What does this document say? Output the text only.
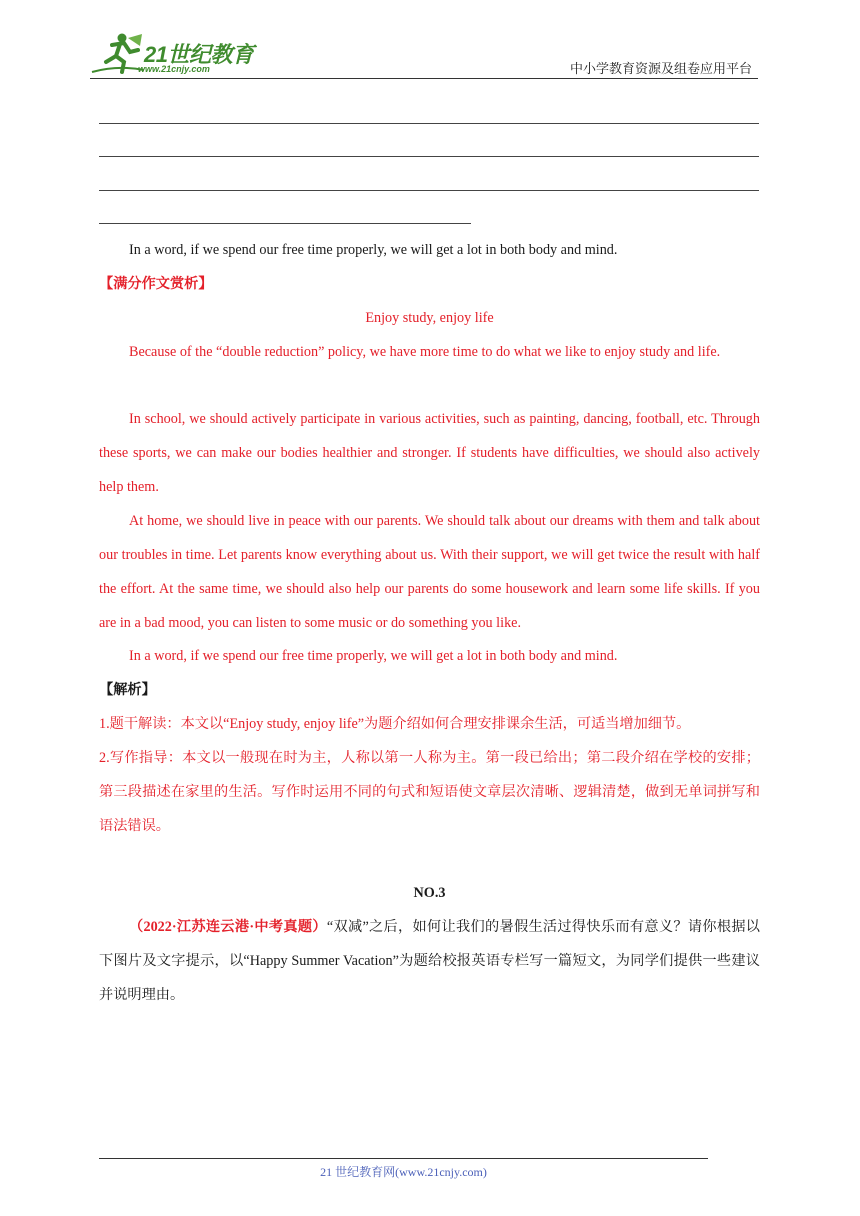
21世纪教育
www.21cnjy.com	中小学教育资源及组卷应用平台

In a word, if we spend our free time properly, we will get a lot in both body and mind.

【满分作文赏析】

Enjoy study, enjoy life

Because of the “double reduction” policy, we have more time to do what we like to enjoy study and life.

In school, we should actively participate in various activities, such as painting, dancing, football, etc. Through these sports, we can make our bodies healthier and stronger. If students have difficulties, we should also actively help them.

At home, we should live in peace with our parents. We should talk about our dreams with them and talk about our troubles in time. Let parents know everything about us. With their support, we will get twice the result with half the effort. At the same time, we should also help our parents do some housework and learn some life skills. If you are in a bad mood, you can listen to some music or do something you like.

In a word, if we spend our free time properly, we will get a lot in both body and mind.

【解析】

1.题干解读：本文以“Enjoy study, enjoy life”为题介绍如何合理安排课余生活，可适当增加细节。

2.写作指导：本文以一般现在时为主，人称以第一人称为主。第一段已给出；第二段介绍在学校的安排；第三段描述在家里的生活。写作时运用不同的句式和短语使文章层次清晰、逻辑清楚，做到无单词拼写和语法错误。

NO.3

（2022·江苏连云港·中考真题）“双减”之后，如何让我们的暑假生活过得快乐而有意义？请你根据以下图片及文字提示，以“Happy Summer Vacation”为题给校报英语专栏写一篇短文，为同学们提供一些建议并说明理由。

21 世纪教育网(www.21cnjy.com)
